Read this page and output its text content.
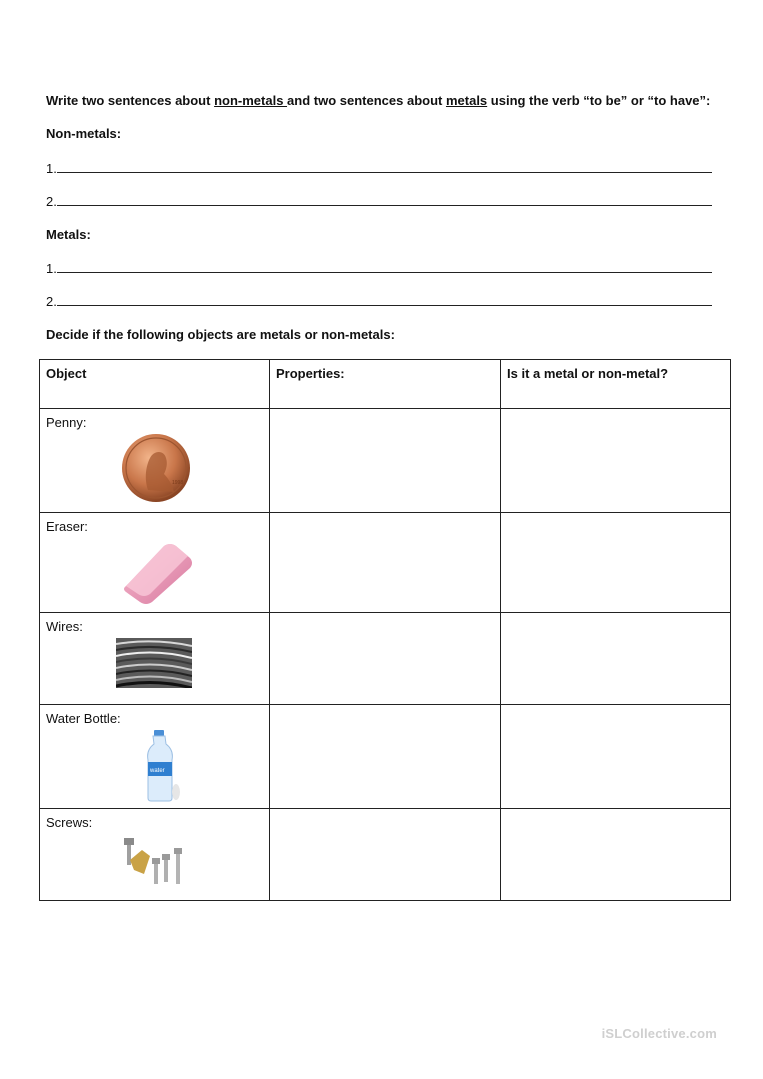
Write two sentences about non-metals and two sentences about metals using the verb “to be” or “to have”:
Non-metals:
1.
2.
Metals:
1.
2.
Decide if the following objects are metals or non-metals:
Object	Properties:	Is it a metal or non-metal?

Penny:
1998		

Eraser:		

Wires:		

Water Bottle:
water		

Screws:		

iSLCollective.com
